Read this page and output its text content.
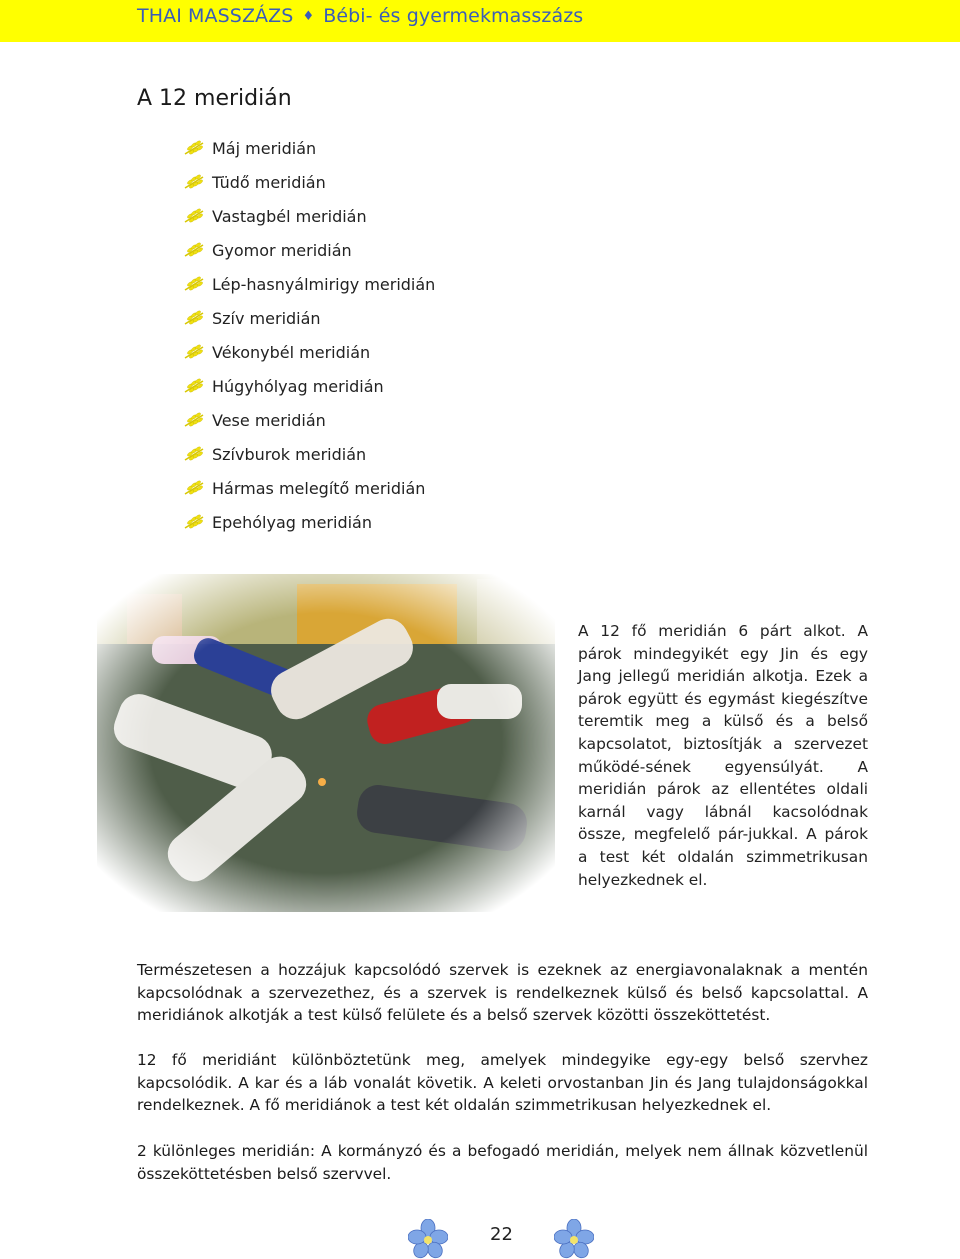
THAI MASSZÁZS ♦ Bébi- és gyermekmasszázs
A 12 meridián
Máj meridián
Tüdő meridián
Vastagbél meridián
Gyomor meridián
Lép-hasnyálmirigy meridián
Szív meridián
Vékonybél meridián
Húgyhólyag meridián
Vese meridián
Szívburok meridián
Hármas melegítő meridián
Epehólyag meridián
A 12 fő meridián 6 párt alkot. A párok mindegyikét egy Jin és egy Jang jellegű meridián alkotja. Ezek a párok együtt és egymást kiegészítve teremtik meg a külső és a belső kapcsolatot, biztosítják a szervezet működé-sének egyensúlyát. A meridián párok az ellentétes oldali karnál vagy lábnál kacsolódnak össze, megfelelő pár-jukkal. A párok a test két oldalán szimmetrikusan helyezkednek el.

Természetesen a hozzájuk kapcsolódó szervek is ezeknek az energiavonalaknak a mentén kapcsolódnak a szervezethez, és a szervek is rendelkeznek külső és belső kapcsolattal. A meridiánok alkotják a test külső felülete és a belső szervek közötti összeköttetést.

12 fő meridiánt különböztetünk meg, amelyek mindegyike egy-egy belső szervhez kapcsolódik. A kar és a láb vonalát követik. A keleti orvostanban Jin és Jang tulajdonságokkal rendelkeznek. A fő meridiánok a test két oldalán szimmetrikusan helyezkednek el.

2 különleges meridián: A kormányzó és a befogadó meridián, melyek nem állnak közvetlenül összeköttetésben belső szervvel.

22
